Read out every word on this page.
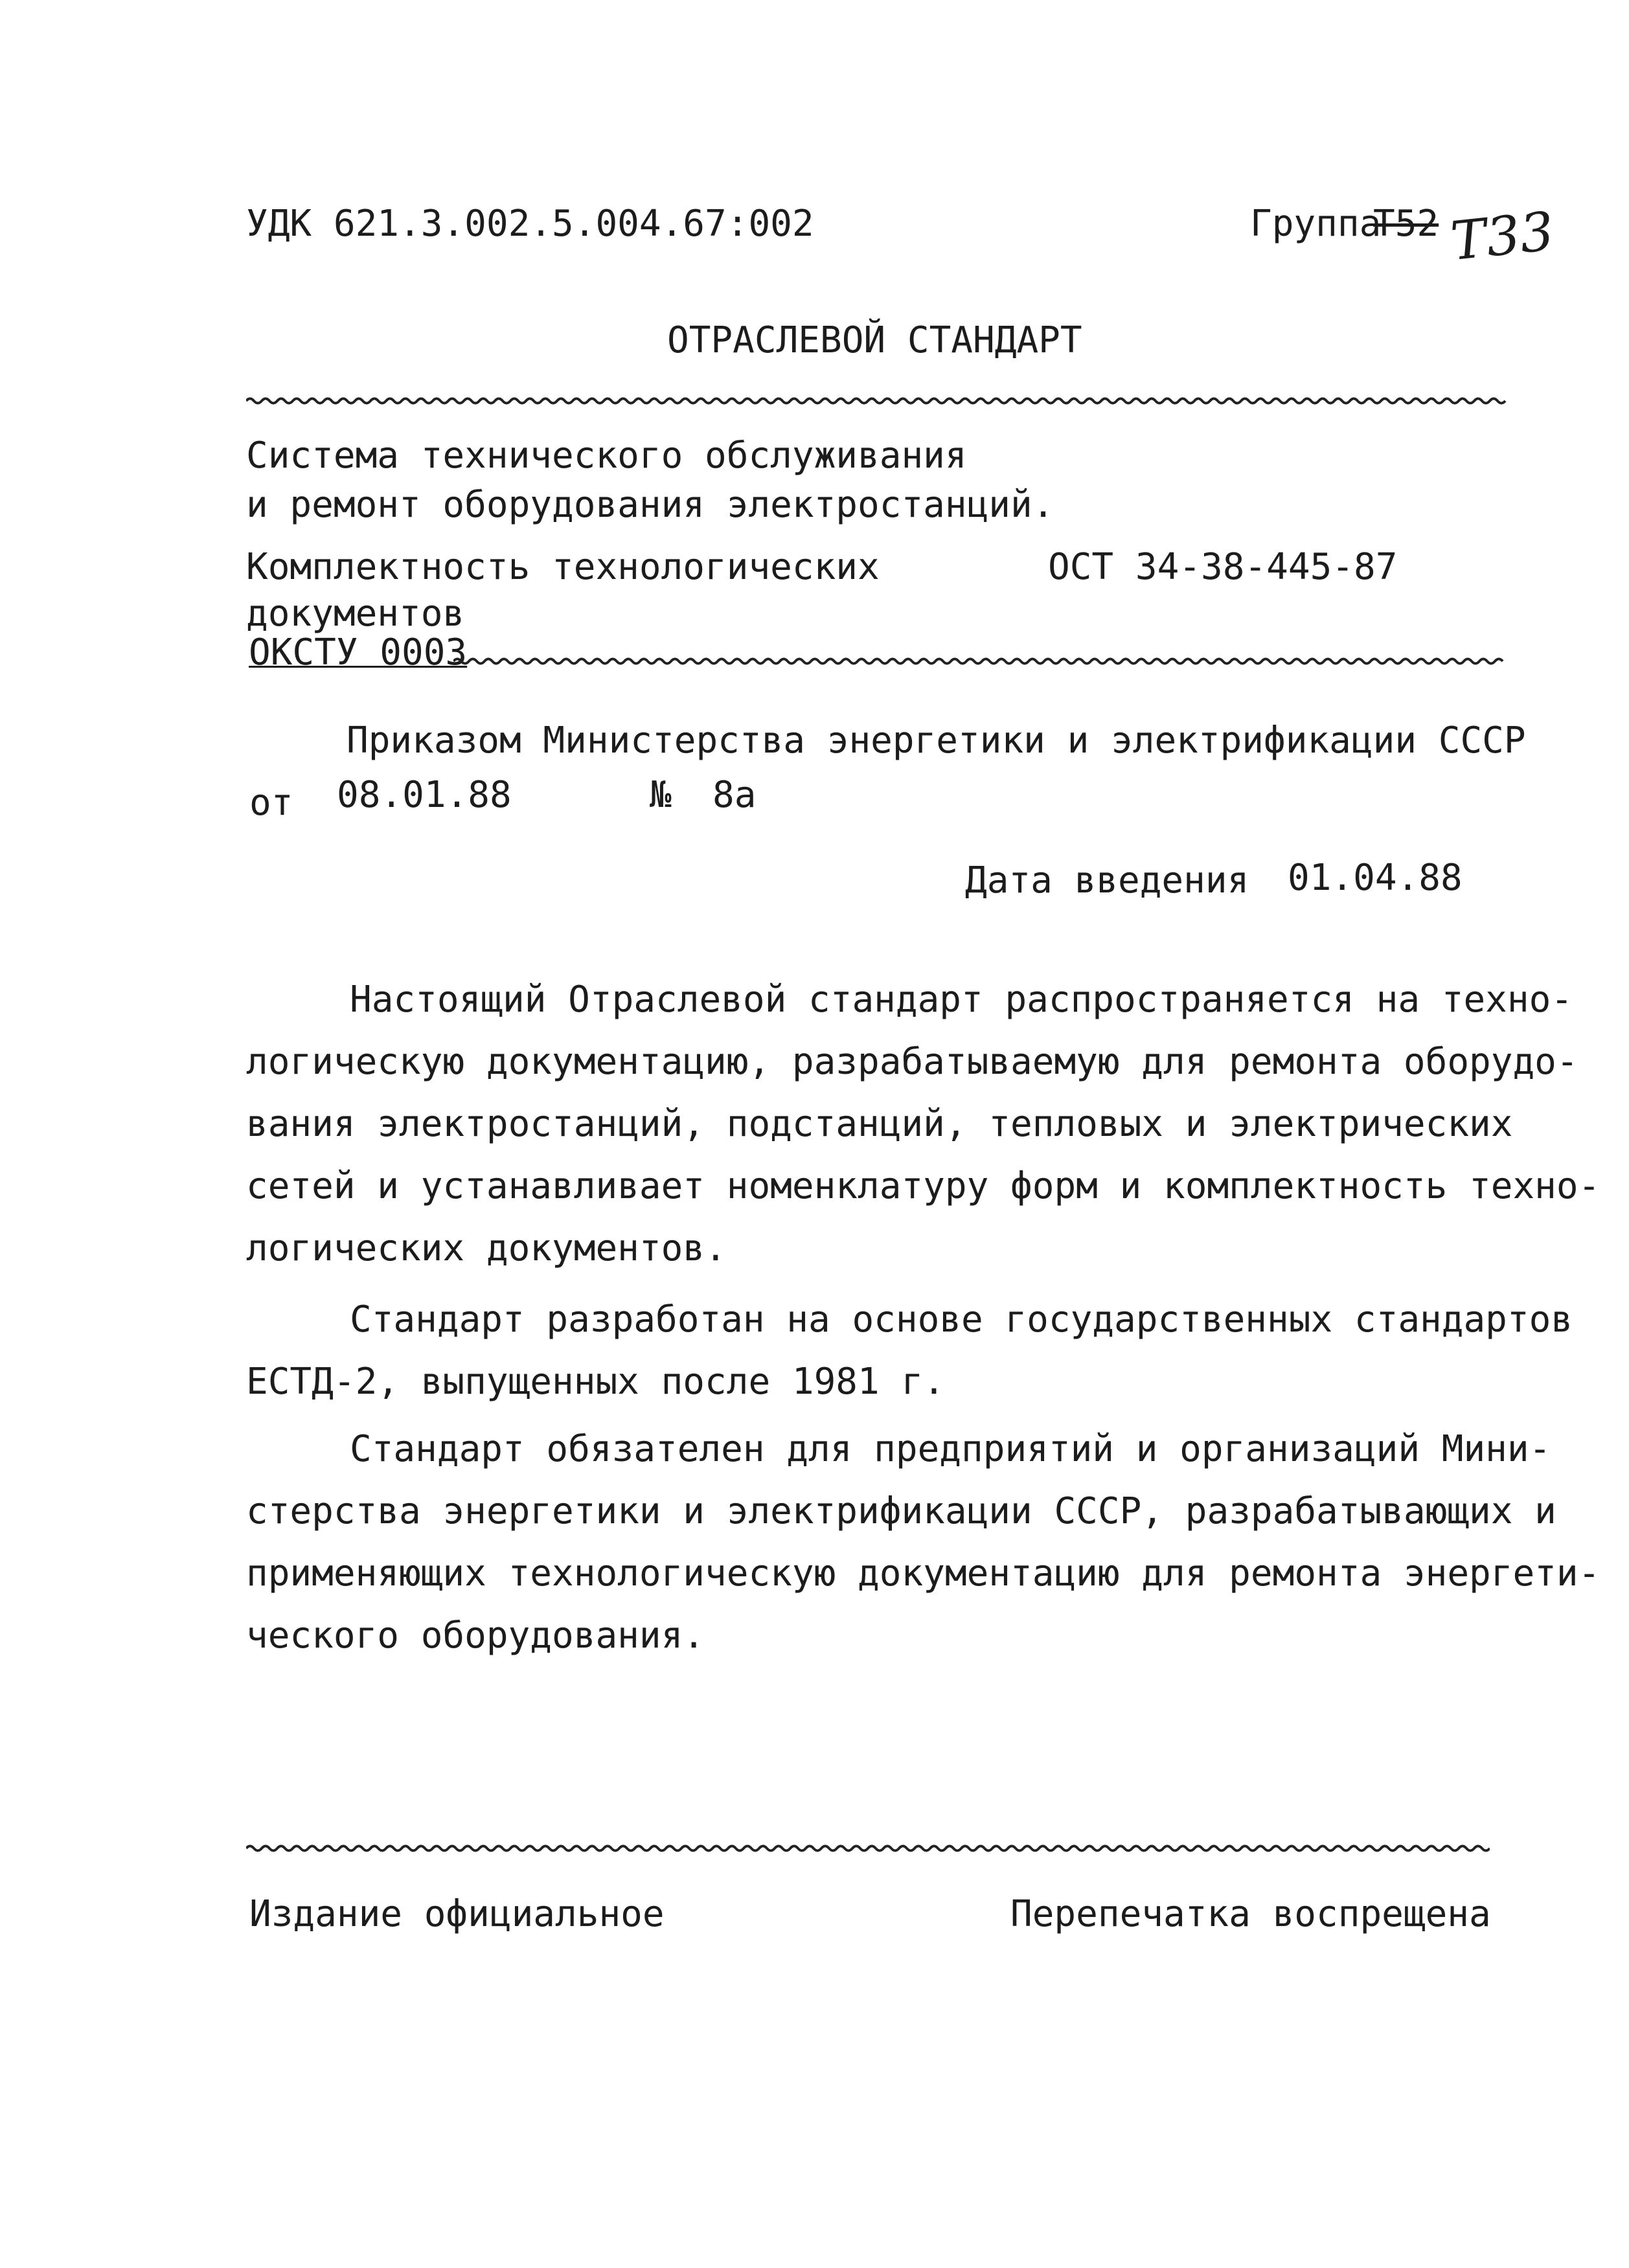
УДК 621.3.002.5.004.67:002	Группа
Т52 Т33
ОТРАСЛЕВОЙ СТАНДАРТ
Система технического обслуживания
и ремонт оборудования электростанций.
Комплектность технологических	ОСТ 34-38-445-87
документов
ОКСТУ 0003
Приказом Министерства энергетики и электрификации СССР
от 08.01.88	№ 8а
Дата введения 01.04.88
Настоящий Отраслевой стандарт распространяется на техно-
логическую документацию, разрабатываемую для ремонта оборудо-
вания электростанций, подстанций, тепловых и электрических
сетей и устанавливает номенклатуру форм и комплектность техно-
логических документов.
Стандарт разработан на основе государственных стандартов
ЕСТД-2, выпущенных после 1981 г.
Стандарт обязателен для предприятий и организаций Мини-
стерства энергетики и электрификации СССР, разрабатывающих и
применяющих технологическую документацию для ремонта энергети-
ческого оборудования.
Издание официальное	Перепечатка воспрещена
